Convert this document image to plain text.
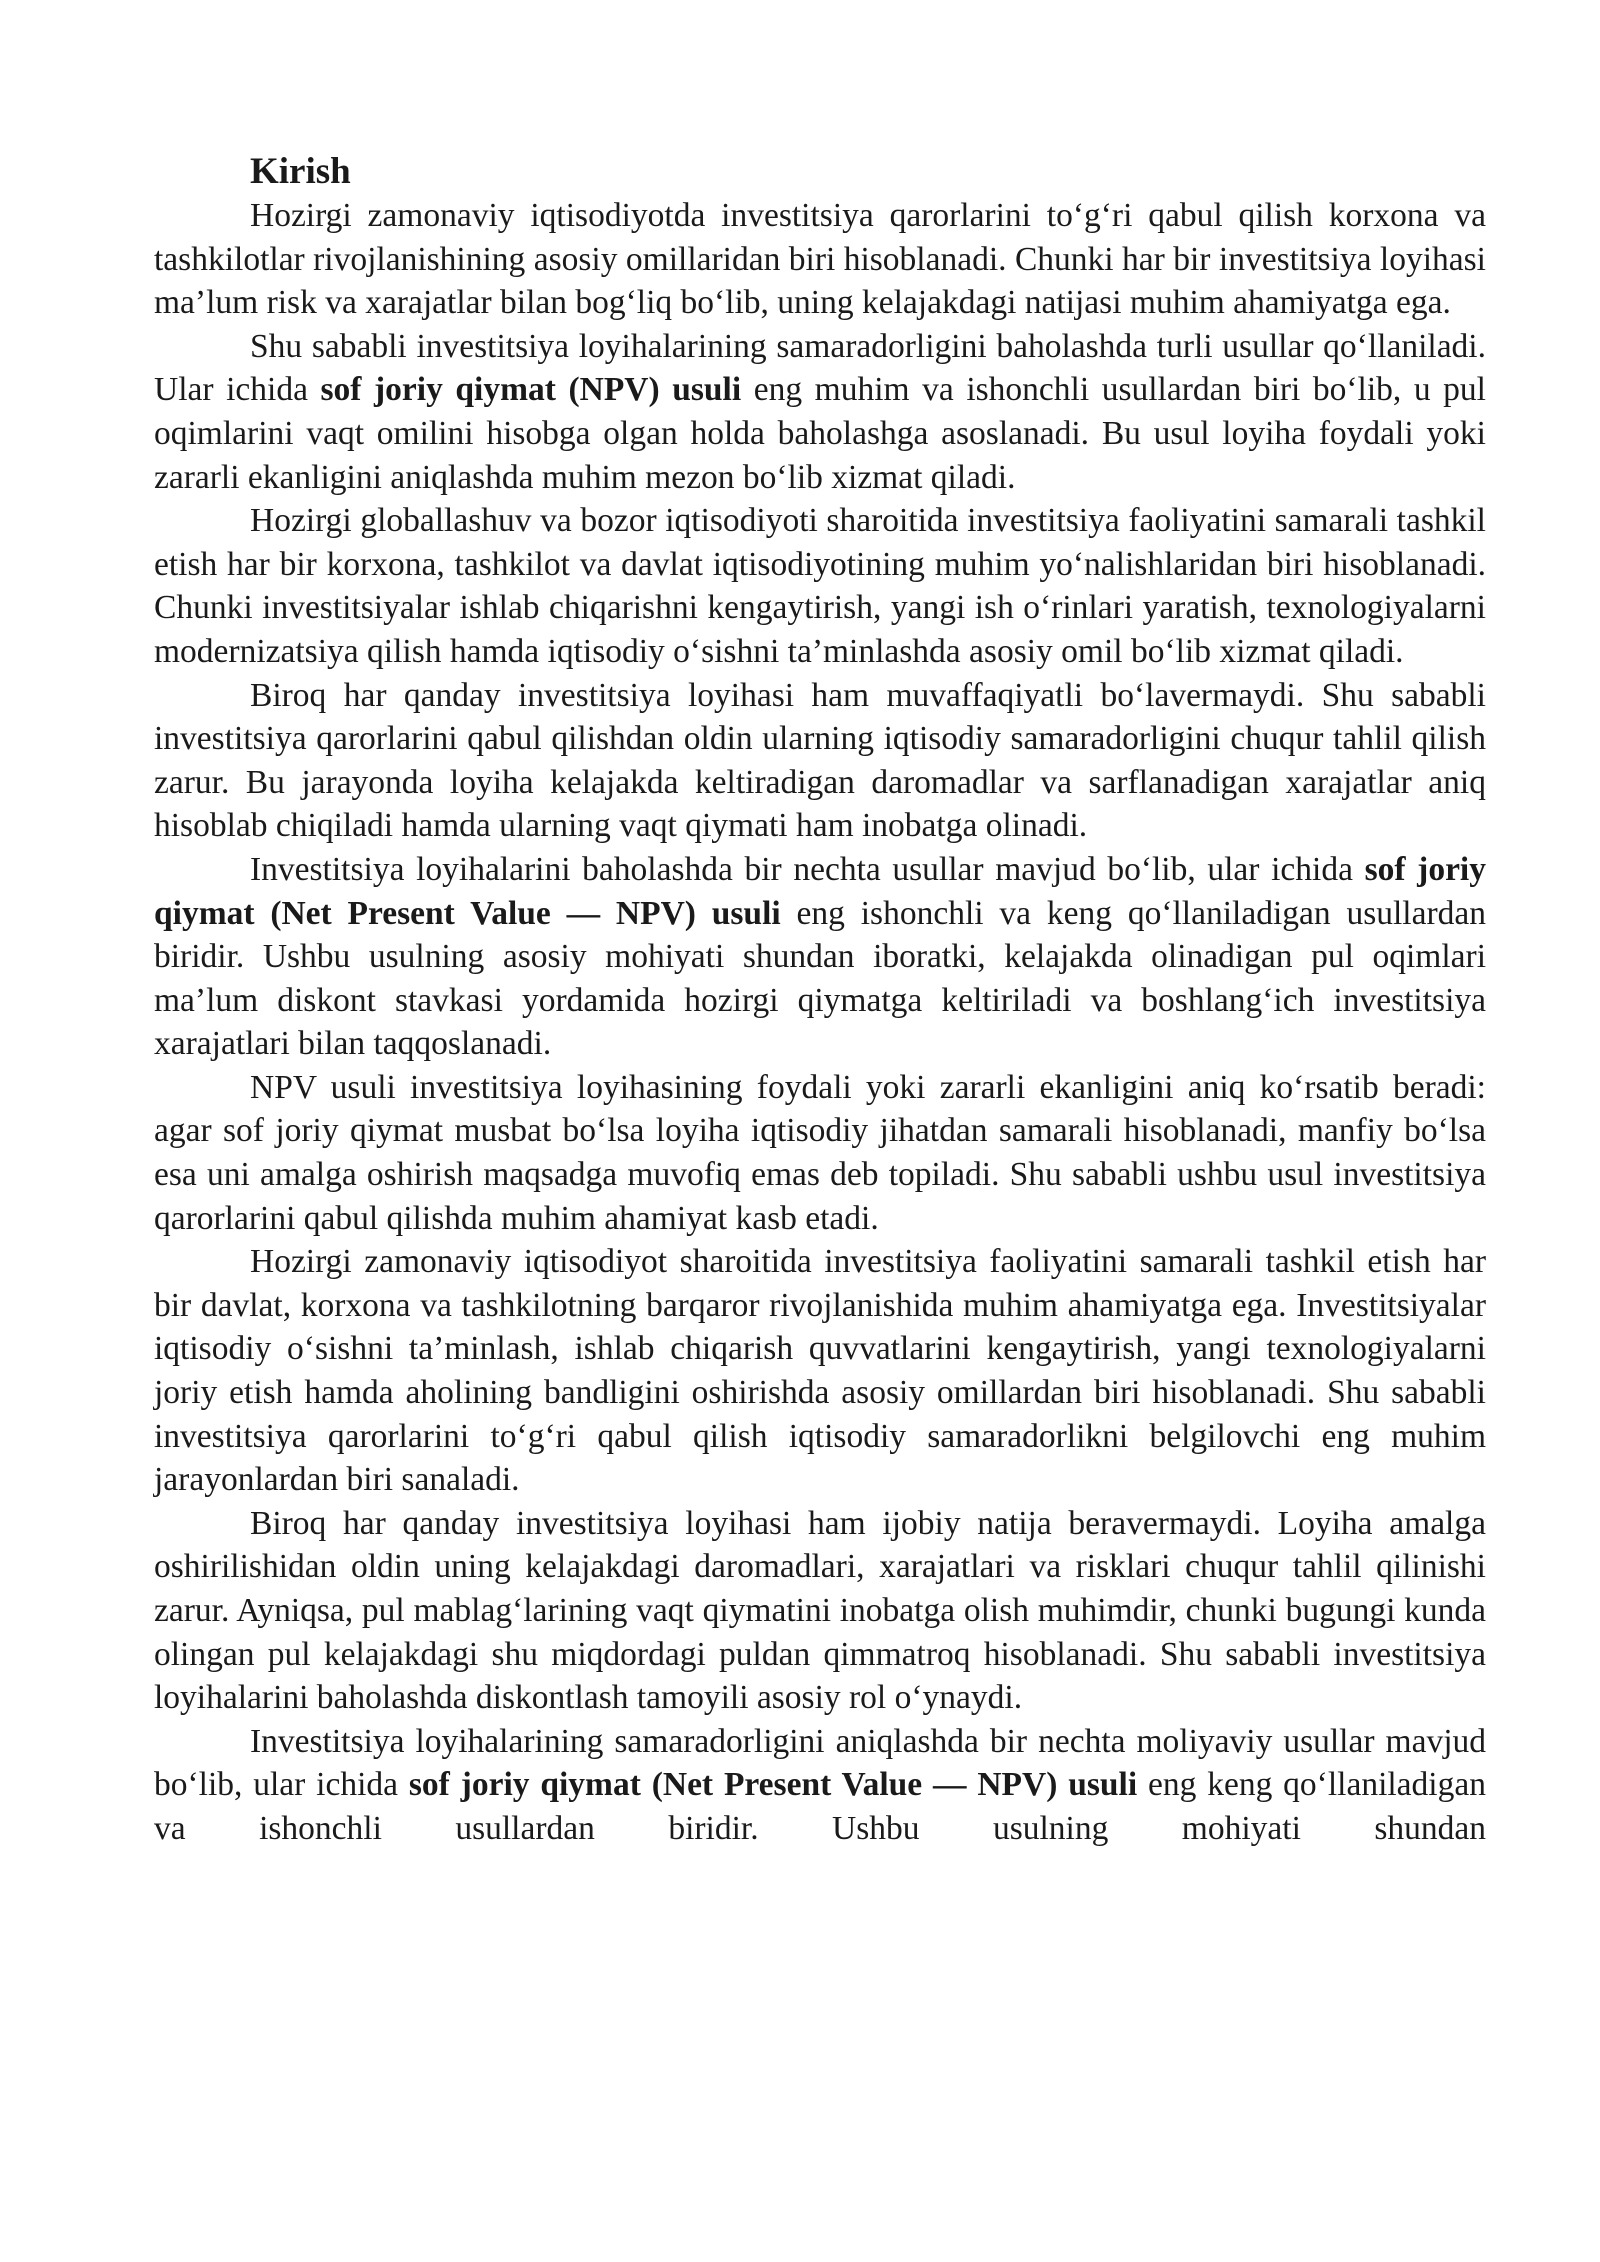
Kirish

Hozirgi zamonaviy iqtisodiyotda investitsiya qarorlarini to‘g‘ri qabul qilish korxona va tashkilotlar rivojlanishining asosiy omillaridan biri hisoblanadi. Chunki har bir investitsiya loyihasi ma’lum risk va xarajatlar bilan bog‘liq bo‘lib, uning kelajakdagi natijasi muhim ahamiyatga ega.

Shu sababli investitsiya loyihalarining samaradorligini baholashda turli usullar qo‘llaniladi. Ular ichida sof joriy qiymat (NPV) usuli eng muhim va ishonchli usullardan biri bo‘lib, u pul oqimlarini vaqt omilini hisobga olgan holda baholashga asoslanadi. Bu usul loyiha foydali yoki zararli ekanligini aniqlashda muhim mezon bo‘lib xizmat qiladi.

Hozirgi globallashuv va bozor iqtisodiyoti sharoitida investitsiya faoliyatini samarali tashkil etish har bir korxona, tashkilot va davlat iqtisodiyotining muhim yo‘nalishlaridan biri hisoblanadi. Chunki investitsiyalar ishlab chiqarishni kengaytirish, yangi ish o‘rinlari yaratish, texnologiyalarni modernizatsiya qilish hamda iqtisodiy o‘sishni ta’minlashda asosiy omil bo‘lib xizmat qiladi.

Biroq har qanday investitsiya loyihasi ham muvaffaqiyatli bo‘lavermaydi. Shu sababli investitsiya qarorlarini qabul qilishdan oldin ularning iqtisodiy samaradorligini chuqur tahlil qilish zarur. Bu jarayonda loyiha kelajakda keltiradigan daromadlar va sarflanadigan xarajatlar aniq hisoblab chiqiladi hamda ularning vaqt qiymati ham inobatga olinadi.

Investitsiya loyihalarini baholashda bir nechta usullar mavjud bo‘lib, ular ichida sof joriy qiymat (Net Present Value — NPV) usuli eng ishonchli va keng qo‘llaniladigan usullardan biridir. Ushbu usulning asosiy mohiyati shundan iboratki, kelajakda olinadigan pul oqimlari ma’lum diskont stavkasi yordamida hozirgi qiymatga keltiriladi va boshlang‘ich investitsiya xarajatlari bilan taqqoslanadi.

NPV usuli investitsiya loyihasining foydali yoki zararli ekanligini aniq ko‘rsatib beradi: agar sof joriy qiymat musbat bo‘lsa loyiha iqtisodiy jihatdan samarali hisoblanadi, manfiy bo‘lsa esa uni amalga oshirish maqsadga muvofiq emas deb topiladi. Shu sababli ushbu usul investitsiya qarorlarini qabul qilishda muhim ahamiyat kasb etadi.

Hozirgi zamonaviy iqtisodiyot sharoitida investitsiya faoliyatini samarali tashkil etish har bir davlat, korxona va tashkilotning barqaror rivojlanishida muhim ahamiyatga ega. Investitsiyalar iqtisodiy o‘sishni ta’minlash, ishlab chiqarish quvvatlarini kengaytirish, yangi texnologiyalarni joriy etish hamda aholining bandligini oshirishda asosiy omillardan biri hisoblanadi. Shu sababli investitsiya qarorlarini to‘g‘ri qabul qilish iqtisodiy samaradorlikni belgilovchi eng muhim jarayonlardan biri sanaladi.

Biroq har qanday investitsiya loyihasi ham ijobiy natija beravermaydi. Loyiha amalga oshirilishidan oldin uning kelajakdagi daromadlari, xarajatlari va risklari chuqur tahlil qilinishi zarur. Ayniqsa, pul mablag‘larining vaqt qiymatini inobatga olish muhimdir, chunki bugungi kunda olingan pul kelajakdagi shu miqdordagi puldan qimmatroq hisoblanadi. Shu sababli investitsiya loyihalarini baholashda diskontlash tamoyili asosiy rol o‘ynaydi.

Investitsiya loyihalarining samaradorligini aniqlashda bir nechta moliyaviy usullar mavjud bo‘lib, ular ichida sof joriy qiymat (Net Present Value — NPV) usuli eng keng qo‘llaniladigan va ishonchli usullardan biridir. Ushbu usulning mohiyati shundan
